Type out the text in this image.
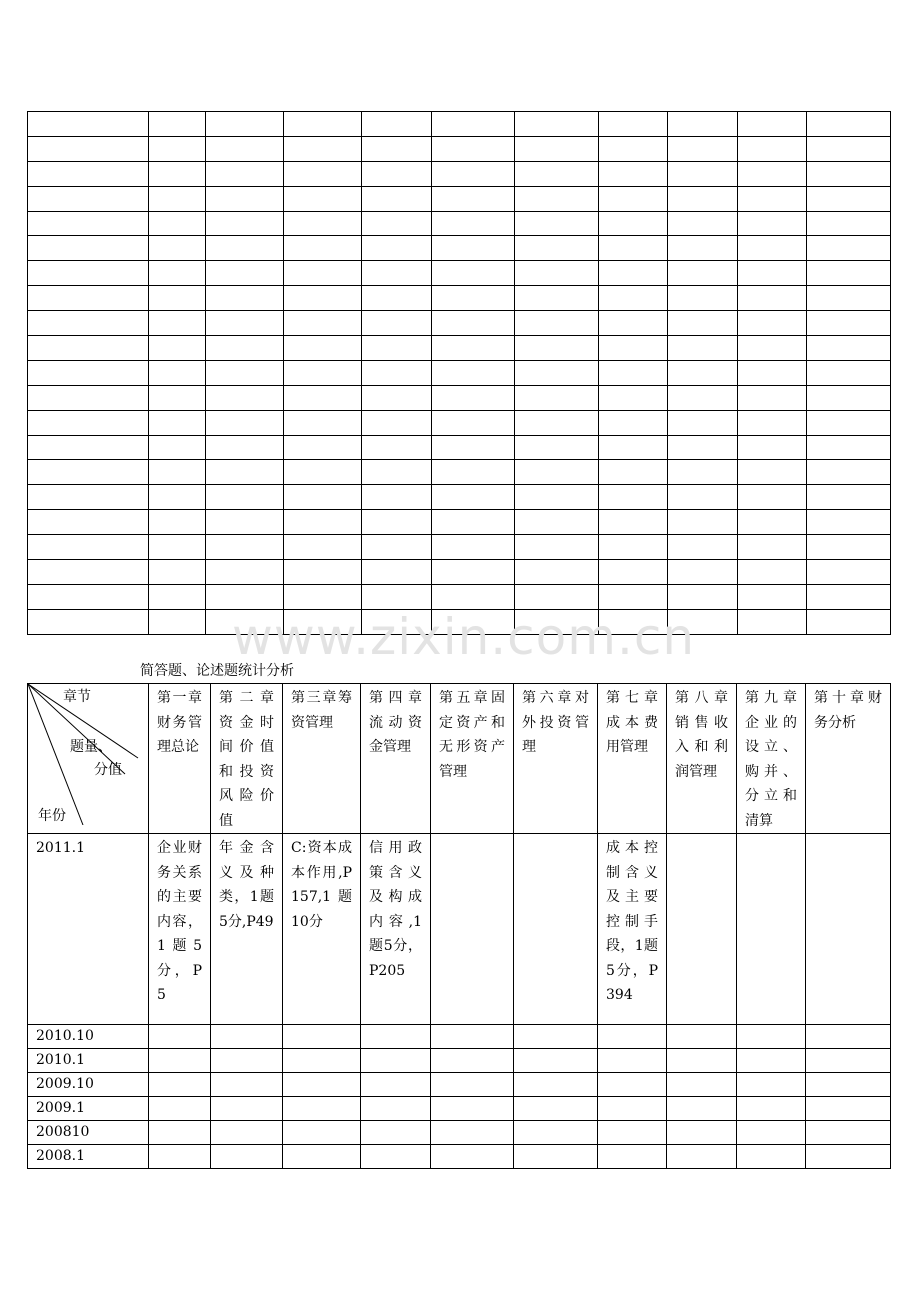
www.zixin.com.cn
简答题、论述题统计分析
章节
题量、
分值
年份	第一章财务管理总论	第二章资金时间价值和投资风险价值	第三章筹资管理	第四章流动资金管理	第五章固定资产和无形资产管理	第六章对外投资管理	第七章成本费用管理	第八章销售收入和利润管理	第九章企业的设立、购并、分立和清算	第十章财务分析
2011.1	企业财务关系的主要内容，1题5分，P5	年金含义及种类，1题5分,P49	C:资本成本作用,P157,1题10分	信用政策含义及构成内容,1题5分，P205			成本控制含义及主要控制手段，1题5分，P394			
2010.10										
2010.1										
2009.10										
2009.1										
200810										
2008.1										
